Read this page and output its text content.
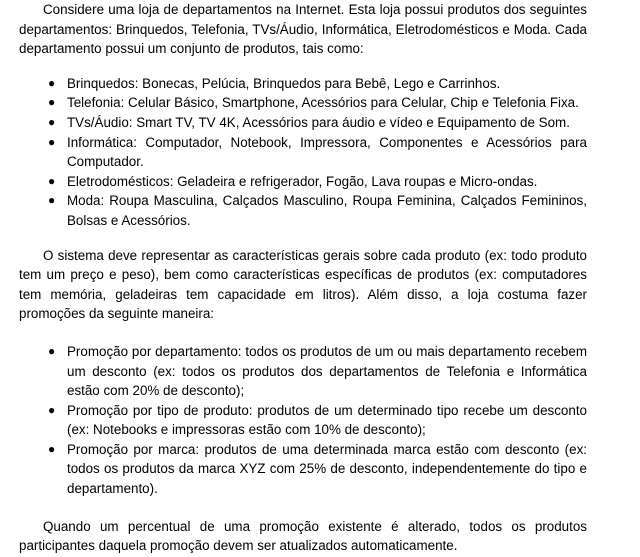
Considere uma loja de departamentos na Internet. Esta loja possui produtos dos seguintes departamentos: Brinquedos, Telefonia, TVs/Áudio, Informática, Eletrodomésticos e Moda. Cada departamento possui um conjunto de produtos, tais como:

● Brinquedos: Bonecas, Pelúcia, Brinquedos para Bebê, Lego e Carrinhos.
● Telefonia: Celular Básico, Smartphone, Acessórios para Celular, Chip e Telefonia Fixa.
● TVs/Áudio: Smart TV, TV 4K, Acessórios para áudio e vídeo e Equipamento de Som.
● Informática: Computador, Notebook, Impressora, Componentes e Acessórios para Computador.
● Eletrodomésticos: Geladeira e refrigerador, Fogão, Lava roupas e Micro-ondas.
● Moda: Roupa Masculina, Calçados Masculino, Roupa Feminina, Calçados Femininos, Bolsas e Acessórios.

O sistema deve representar as características gerais sobre cada produto (ex: todo produto tem um preço e peso), bem como características específicas de produtos (ex: computadores tem memória, geladeiras tem capacidade em litros). Além disso, a loja costuma fazer promoções da seguinte maneira:

● Promoção por departamento: todos os produtos de um ou mais departamento recebem um desconto (ex: todos os produtos dos departamentos de Telefonia e Informática estão com 20% de desconto);
● Promoção por tipo de produto: produtos de um determinado tipo recebe um desconto (ex: Notebooks e impressoras estão com 10% de desconto);
● Promoção por marca: produtos de uma determinada marca estão com desconto (ex: todos os produtos da marca XYZ com 25% de desconto, independentemente do tipo e departamento).

Quando um percentual de uma promoção existente é alterado, todos os produtos participantes daquela promoção devem ser atualizados automaticamente.
